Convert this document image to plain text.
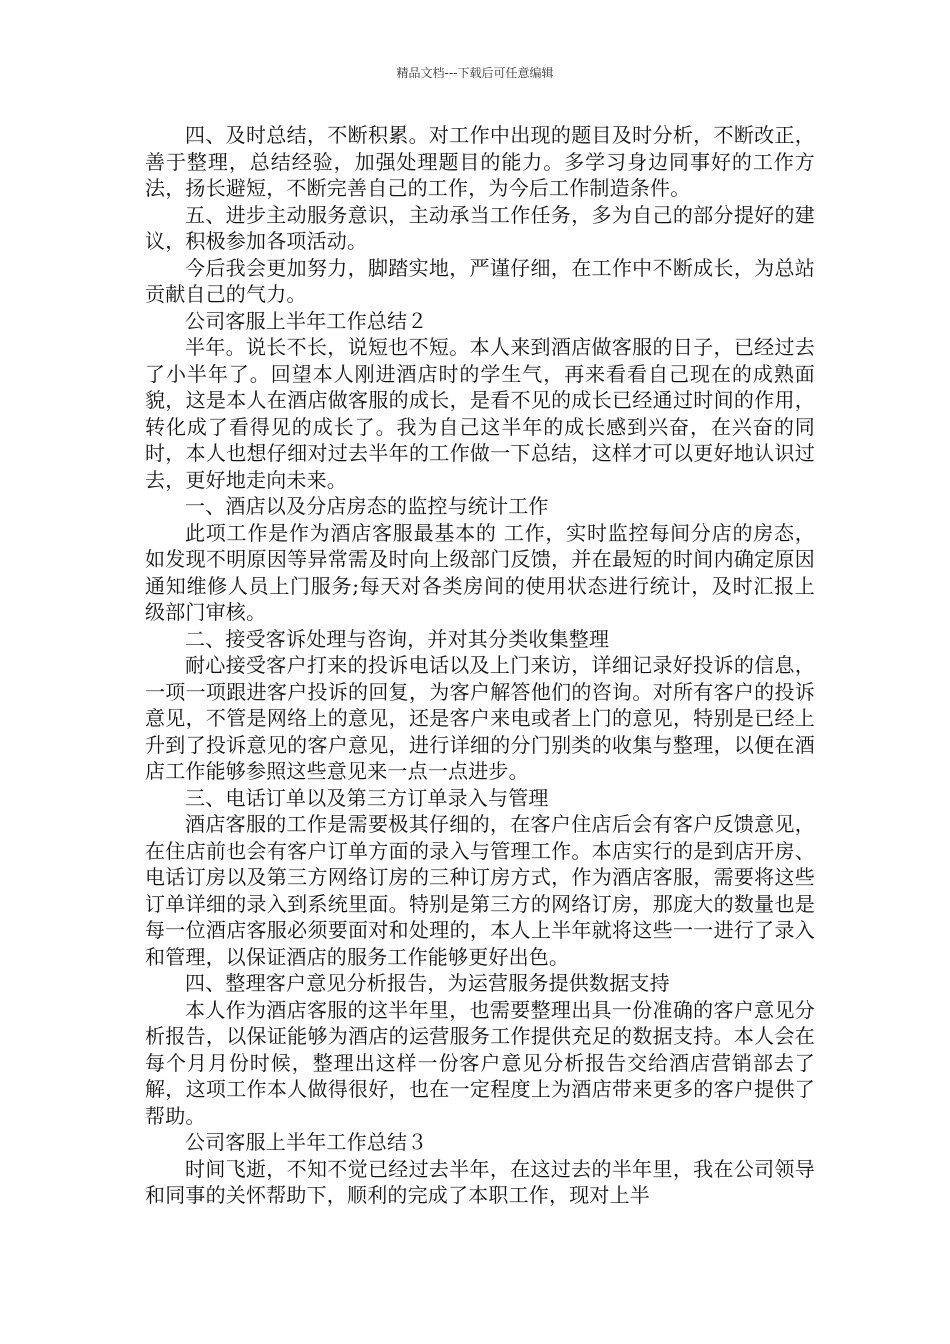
精品文档---下载后可任意编辑

四、及时总结，不断积累。对工作中出现的题目及时分析，不断改正，善于整理，总结经验，加强处理题目的能力。多学习身边同事好的工作方法，扬长避短，不断完善自己的工作，为今后工作制造条件。

五、进步主动服务意识，主动承当工作任务，多为自己的部分提好的建议，积极参加各项活动。

今后我会更加努力，脚踏实地，严谨仔细，在工作中不断成长，为总站贡献自己的气力。

公司客服上半年工作总结２

半年。说长不长，说短也不短。本人来到酒店做客服的日子，已经过去了小半年了。回望本人刚进酒店时的学生气，再来看看自己现在的成熟面貌，这是本人在酒店做客服的成长，是看不见的成长已经通过时间的作用，转化成了看得见的成长了。我为自己这半年的成长感到兴奋，在兴奋的同时，本人也想仔细对过去半年的工作做一下总结，这样才可以更好地认识过去，更好地走向未来。

一、酒店以及分店房态的监控与统计工作

此项工作是作为酒店客服最基本的 工作，实时监控每间分店的房态，如发现不明原因等异常需及时向上级部门反馈，并在最短的时间内确定原因通知维修人员上门服务;每天对各类房间的使用状态进行统计，及时汇报上级部门审核。

二、接受客诉处理与咨询，并对其分类收集整理

耐心接受客户打来的投诉电话以及上门来访，详细记录好投诉的信息，一项一项跟进客户投诉的回复，为客户解答他们的咨询。对所有客户的投诉意见，不管是网络上的意见，还是客户来电或者上门的意见，特别是已经上升到了投诉意见的客户意见，进行详细的分门别类的收集与整理，以便在酒店工作能够参照这些意见来一点一点进步。

三、电话订单以及第三方订单录入与管理

酒店客服的工作是需要极其仔细的，在客户住店后会有客户反馈意见，在住店前也会有客户订单方面的录入与管理工作。本店实行的是到店开房、电话订房以及第三方网络订房的三种订房方式，作为酒店客服，需要将这些订单详细的录入到系统里面。特别是第三方的网络订房，那庞大的数量也是每一位酒店客服必须要面对和处理的，本人上半年就将这些一一进行了录入和管理，以保证酒店的服务工作能够更好出色。

四、整理客户意见分析报告，为运营服务提供数据支持

本人作为酒店客服的这半年里，也需要整理出具一份准确的客户意见分析报告，以保证能够为酒店的运营服务工作提供充足的数据支持。本人会在每个月月份时候，整理出这样一份客户意见分析报告交给酒店营销部去了解，这项工作本人做得很好，也在一定程度上为酒店带来更多的客户提供了帮助。

公司客服上半年工作总结３

时间飞逝，不知不觉已经过去半年，在这过去的半年里，我在公司领导和同事的关怀帮助下，顺利的完成了本职工作，现对上半
